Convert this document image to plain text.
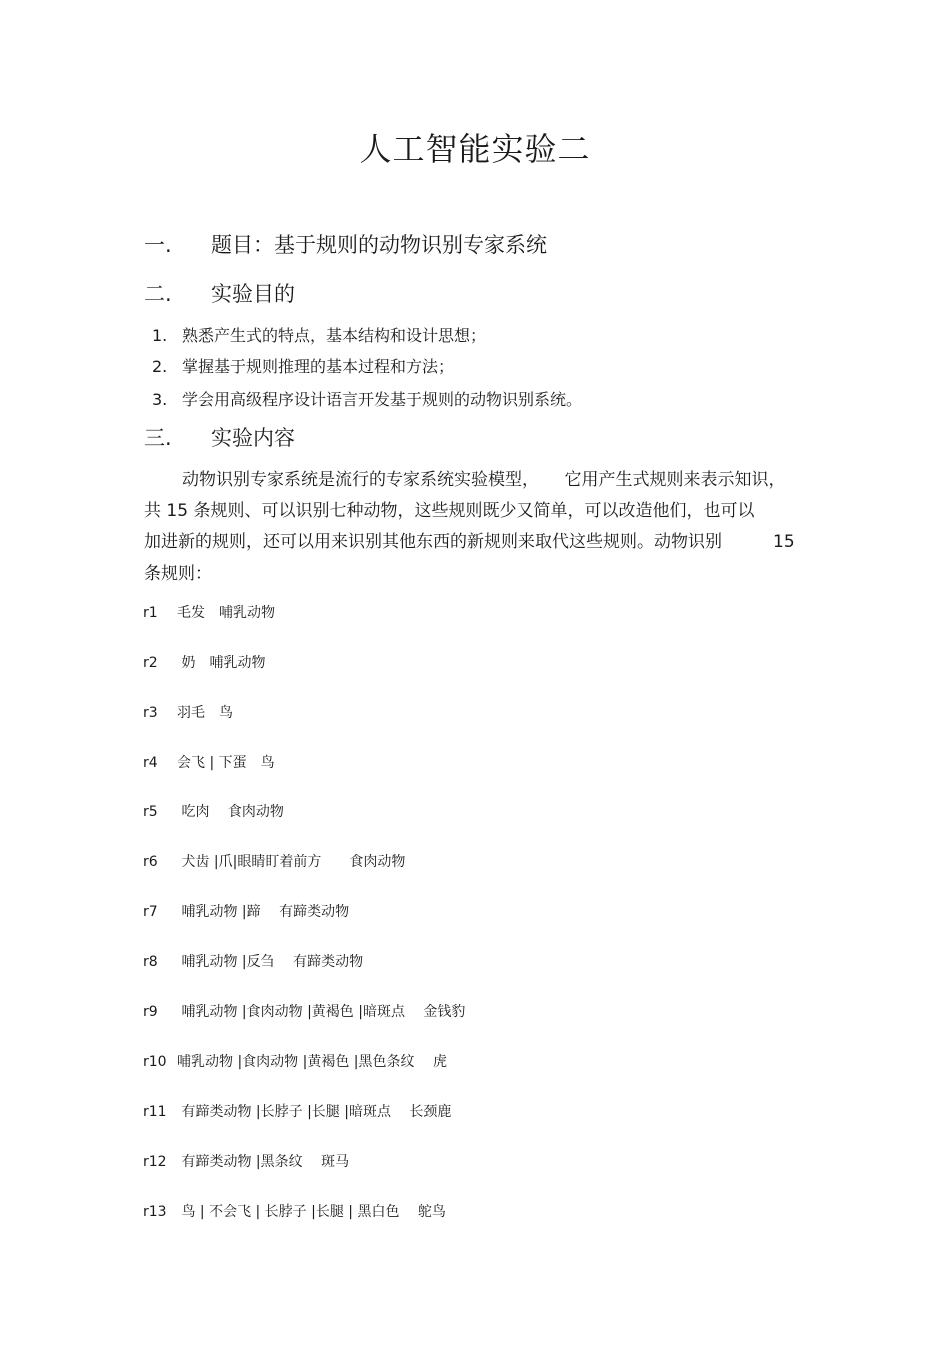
人工智能实验二
一. 题目：基于规则的动物识别专家系统
二. 实验目的
1. 熟悉产生式的特点，基本结构和设计思想；
2. 掌握基于规则推理的基本过程和方法；
3. 学会用高级程序设计语言开发基于规则的动物识别系统。
三. 实验内容
动物识别专家系统是流行的专家系统实验模型，　　它用产生式规则来表示知识，
共 15 条规则、可以识别七种动物，这些规则既少又简单，可以改造他们，也可以
加进新的规则，还可以用来识别其他东西的新规则来取代这些规则。动物识别　　　15
条规则：
r1 毛发　哺乳动物
r2 奶　哺乳动物
r3 羽毛　鸟
r4 会飞 | 下蛋　鸟
r5 吃肉　 食肉动物
r6 犬齿 |爪|眼睛盯着前方　　食肉动物
r7 哺乳动物 |蹄　 有蹄类动物
r8 哺乳动物 |反刍　 有蹄类动物
r9 哺乳动物 |食肉动物 |黄褐色 |暗斑点　 金钱豹
r10 哺乳动物 |食肉动物 |黄褐色 |黑色条纹　 虎
r11 有蹄类动物 |长脖子 |长腿 |暗斑点　 长颈鹿
r12 有蹄类动物 |黑条纹　 斑马
r13 鸟 | 不会飞 | 长脖子 |长腿 | 黑白色　 鸵鸟
